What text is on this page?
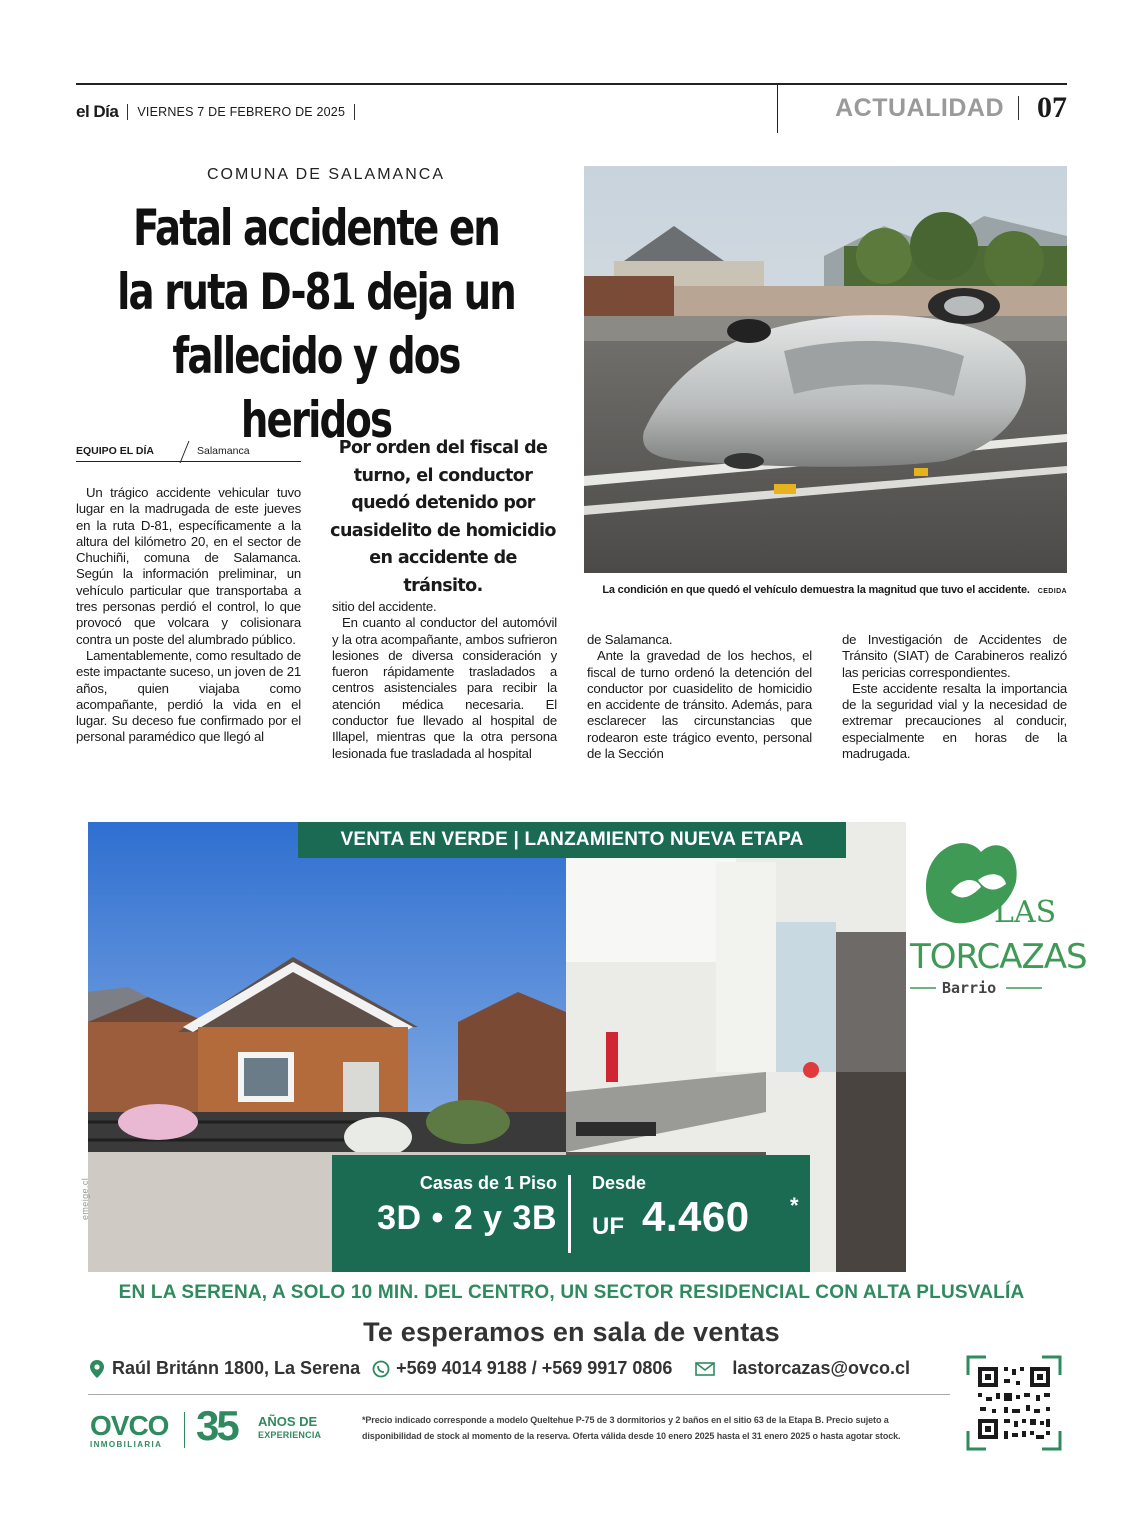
el Día VIERNES 7 DE FEBRERO DE 2025	ACTUALIDAD 07
COMUNA DE SALAMANCA
Fatal accidente en
la ruta D-81 deja un
fallecido y dos heridos
EQUIPO EL DÍA	Salamanca	Por orden del fiscal de turno, el conductor quedó detenido por cuasidelito de homicidio en accidente de tránsito.

Un trágico accidente vehicular tuvo lugar en la madrugada de este jueves en la ruta D-81, específicamente a la altura del kilómetro 20, en el sector de Chuchiñi, comuna de Salamanca. Según la información preliminar, un vehículo particular que transportaba a tres personas perdió el control, lo que provocó que volcara y colisionara contra un poste del alumbrado público.

Lamentablemente, como resultado de este impactante suceso, un joven de 21 años, quien viajaba como acompañante, perdió la vida en el lugar. Su deceso fue confirmado por el personal paramédico que llegó al

sitio del accidente.

En cuanto al conductor del automóvil y la otra acompañante, ambos sufrieron lesiones de diversa consideración y fueron rápidamente trasladados a centros asistenciales para recibir la atención médica necesaria. El conductor fue llevado al hospital de Illapel, mientras que la otra persona lesionada fue trasladada al hospital

de Salamanca.

Ante la gravedad de los hechos, el fiscal de turno ordenó la detención del conductor por cuasidelito de homicidio en accidente de tránsito. Además, para esclarecer las circunstancias que rodearon este trágico evento, personal de la Sección

de Investigación de Accidentes de Tránsito (SIAT) de Carabineros realizó las pericias correspondientes.

Este accidente resalta la importancia de la seguridad vial y la necesidad de extremar precauciones al conducir, especialmente en horas de la madrugada.

La condición en que quedó el vehículo demuestra la magnitud que tuvo el accidente. CEDIDA
LAS
TORCAZAS
Barrio
VENTA EN VERDE | LANZAMIENTO NUEVA ETAPA
Casas de 1 Piso
3D • 2 y 3B
Desde
UF 4.460 *
emeige.cl
EN LA SERENA, A SOLO 10 MIN. DEL CENTRO, UN SECTOR RESIDENCIAL CON ALTA PLUSVALÍA
Te esperamos en sala de ventas
Raúl Británn 1800, La Serena +569 4014 9188 / +569 9917 0806	lastorcazas@ovco.cl
OVCO
INMOBILIARIA 35 AÑOS DE
EXPERIENCIA
*Precio indicado corresponde a modelo Queltehue P-75 de 3 dormitorios y 2 baños en el sitio 63 de la Etapa B. Precio sujeto a disponibilidad de stock al momento de la reserva. Oferta válida desde 10 enero 2025 hasta el 31 enero 2025 o hasta agotar stock.
